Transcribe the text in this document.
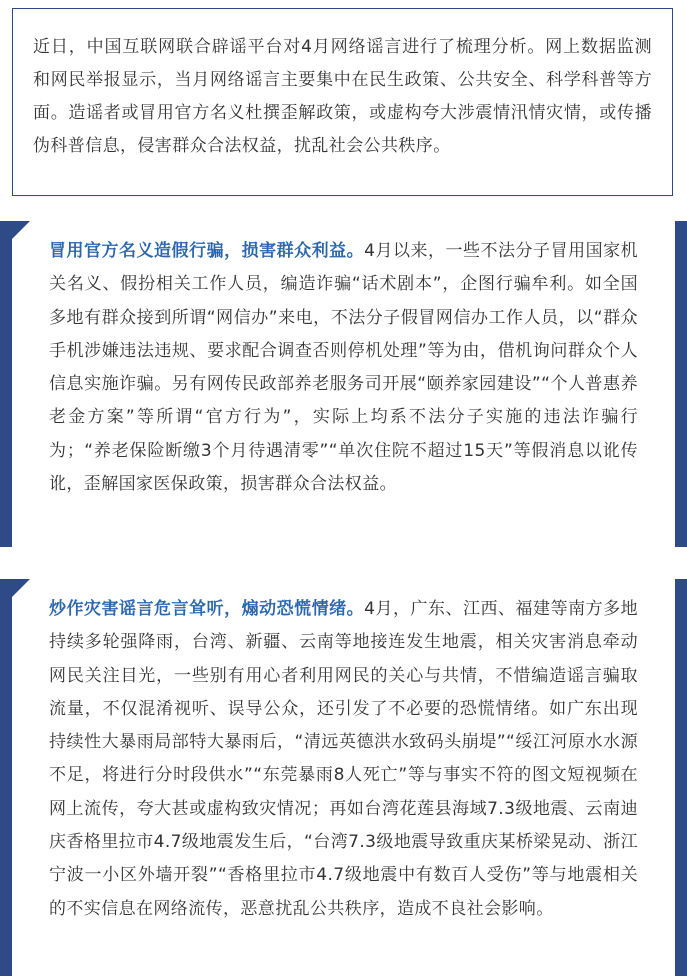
近日，中国互联网联合辟谣平台对4月网络谣言进行了梳理分析。网上数据监测和网民举报显示，当月网络谣言主要集中在民生政策、公共安全、科学科普等方面。造谣者或冒用官方名义杜撰歪解政策，或虚构夸大涉震情汛情灾情，或传播伪科普信息，侵害群众合法权益，扰乱社会公共秩序。

冒用官方名义造假行骗，损害群众利益。4月以来，一些不法分子冒用国家机关名义、假扮相关工作人员，编造诈骗“话术剧本”，企图行骗牟利。如全国多地有群众接到所谓“网信办”来电，不法分子假冒网信办工作人员，以“群众手机涉嫌违法违规、要求配合调查否则停机处理”等为由，借机询问群众个人信息实施诈骗。另有网传民政部养老服务司开展“颐养家园建设”“个人普惠养老金方案”等所谓“官方行为”，实际上均系不法分子实施的违法诈骗行为；“养老保险断缴3个月待遇清零”“单次住院不超过15天”等假消息以讹传讹，歪解国家医保政策，损害群众合法权益。

炒作灾害谣言危言耸听，煽动恐慌情绪。4月，广东、江西、福建等南方多地持续多轮强降雨，台湾、新疆、云南等地接连发生地震，相关灾害消息牵动网民关注目光，一些别有用心者利用网民的关心与共情，不惜编造谣言骗取流量，不仅混淆视听、误导公众，还引发了不必要的恐慌情绪。如广东出现持续性大暴雨局部特大暴雨后，“清远英德洪水致码头崩堤”“绥江河原水水源不足，将进行分时段供水”“东莞暴雨8人死亡”等与事实不符的图文短视频在网上流传，夸大甚或虚构致灾情况；再如台湾花莲县海域7.3级地震、云南迪庆香格里拉市4.7级地震发生后，“台湾7.3级地震导致重庆某桥梁晃动、浙江宁波一小区外墙开裂”“香格里拉市4.7级地震中有数百人受伤”等与地震相关的不实信息在网络流传，恶意扰乱公共秩序，造成不良社会影响。
